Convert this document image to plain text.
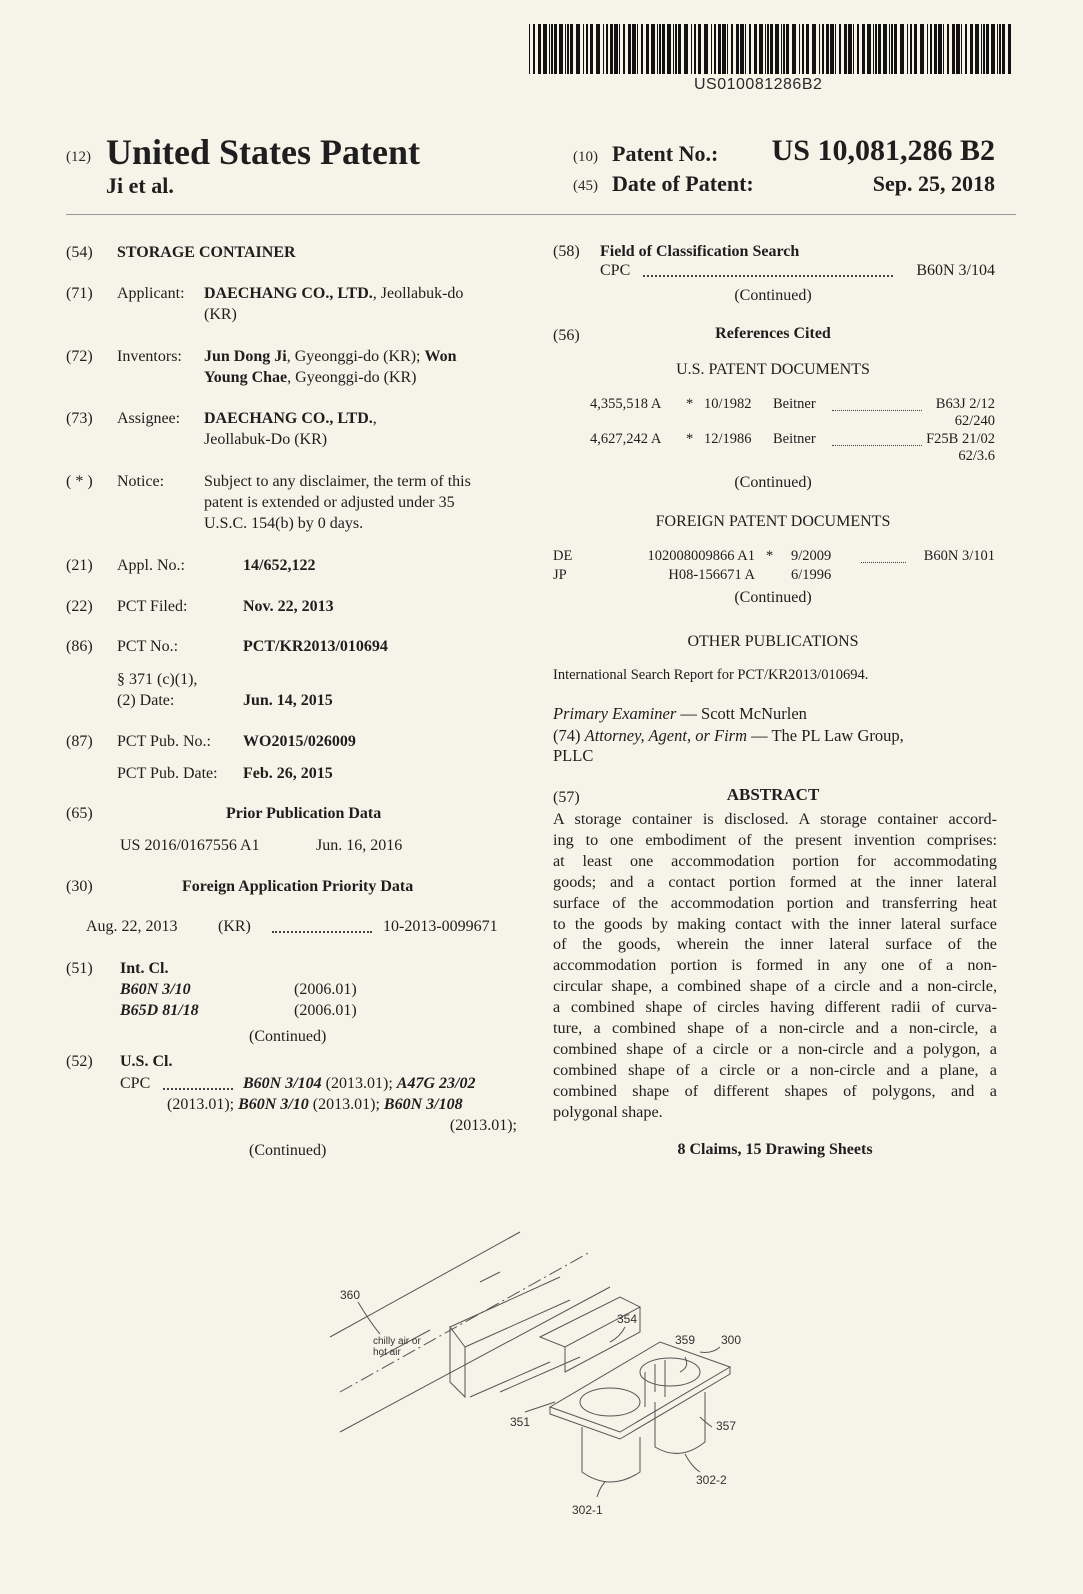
US010081286B2
(12) United States Patent
Ji et al.
(10) Patent No.: US 10,081,286 B2
(45) Date of Patent:	Sep. 25, 2018
(54) STORAGE CONTAINER
(71) Applicant: DAECHANG CO., LTD., Jeollabuk-do
(KR)
(72) Inventors: Jun Dong Ji, Gyeonggi-do (KR); Won
Young Chae, Gyeonggi-do (KR)
(73) Assignee: DAECHANG CO., LTD.,
Jeollabuk-Do (KR)
( * ) Notice: Subject to any disclaimer, the term of this
patent is extended or adjusted under 35
U.S.C. 154(b) by 0 days.
(21) Appl. No.:	14/652,122
(22) PCT Filed:	Nov. 22, 2013
(86) PCT No.:	PCT/KR2013/010694
§ 371 (c)(1),
(2) Date:	Jun. 14, 2015
(87) PCT Pub. No.: WO2015/026009
PCT Pub. Date: Feb. 26, 2015
(65)	Prior Publication Data
US 2016/0167556 A1	Jun. 16, 2016
(30)	Foreign Application Priority Data
Aug. 22, 2013	(KR)	10-2013-0099671
(51) Int. Cl.
B60N 3/10	(2006.01)
B65D 81/18	(2006.01)
(Continued)
(52) U.S. Cl.
CPC	B60N 3/104 (2013.01); A47G 23/02
(2013.01); B60N 3/10 (2013.01); B60N 3/108
(2013.01);
(Continued)
(58) Field of Classification Search
CPC	B60N 3/104
(Continued)
(56)	References Cited
U.S. PATENT DOCUMENTS
4,355,518 A * 10/1982 Beitner	B63J 2/12
62/240
4,627,242 A * 12/1986 Beitner	F25B 21/02
62/3.6
(Continued)
FOREIGN PATENT DOCUMENTS
DE	102008009866 A1 * 9/2009	B60N 3/101
JP	H08-156671 A 6/1996
(Continued)
OTHER PUBLICATIONS
International Search Report for PCT/KR2013/010694.
Primary Examiner — Scott McNurlen
(74) Attorney, Agent, or Firm — The PL Law Group,
PLLC
(57)	ABSTRACT
A storage container is disclosed. A storage container accord-
ing to one embodiment of the present invention comprises:
at least one accommodation portion for accommodating
goods; and a contact portion formed at the inner lateral
surface of the accommodation portion and transferring heat
to the goods by making contact with the inner lateral surface
of the goods, wherein the inner lateral surface of the
accommodation portion is formed in any one of a non-
circular shape, a combined shape of a circle and a non-circle,
a combined shape of circles having different radii of curva-
ture, a combined shape of a non-circle and a non-circle, a
combined shape of a circle or a non-circle and a polygon, a
combined shape of a circle or a non-circle and a plane, a
combined shape of different shapes of polygons, and a
polygonal shape.
8 Claims, 15 Drawing Sheets
360
354
359 300
351	357
302-2
302-1
chilly air or
hot air
